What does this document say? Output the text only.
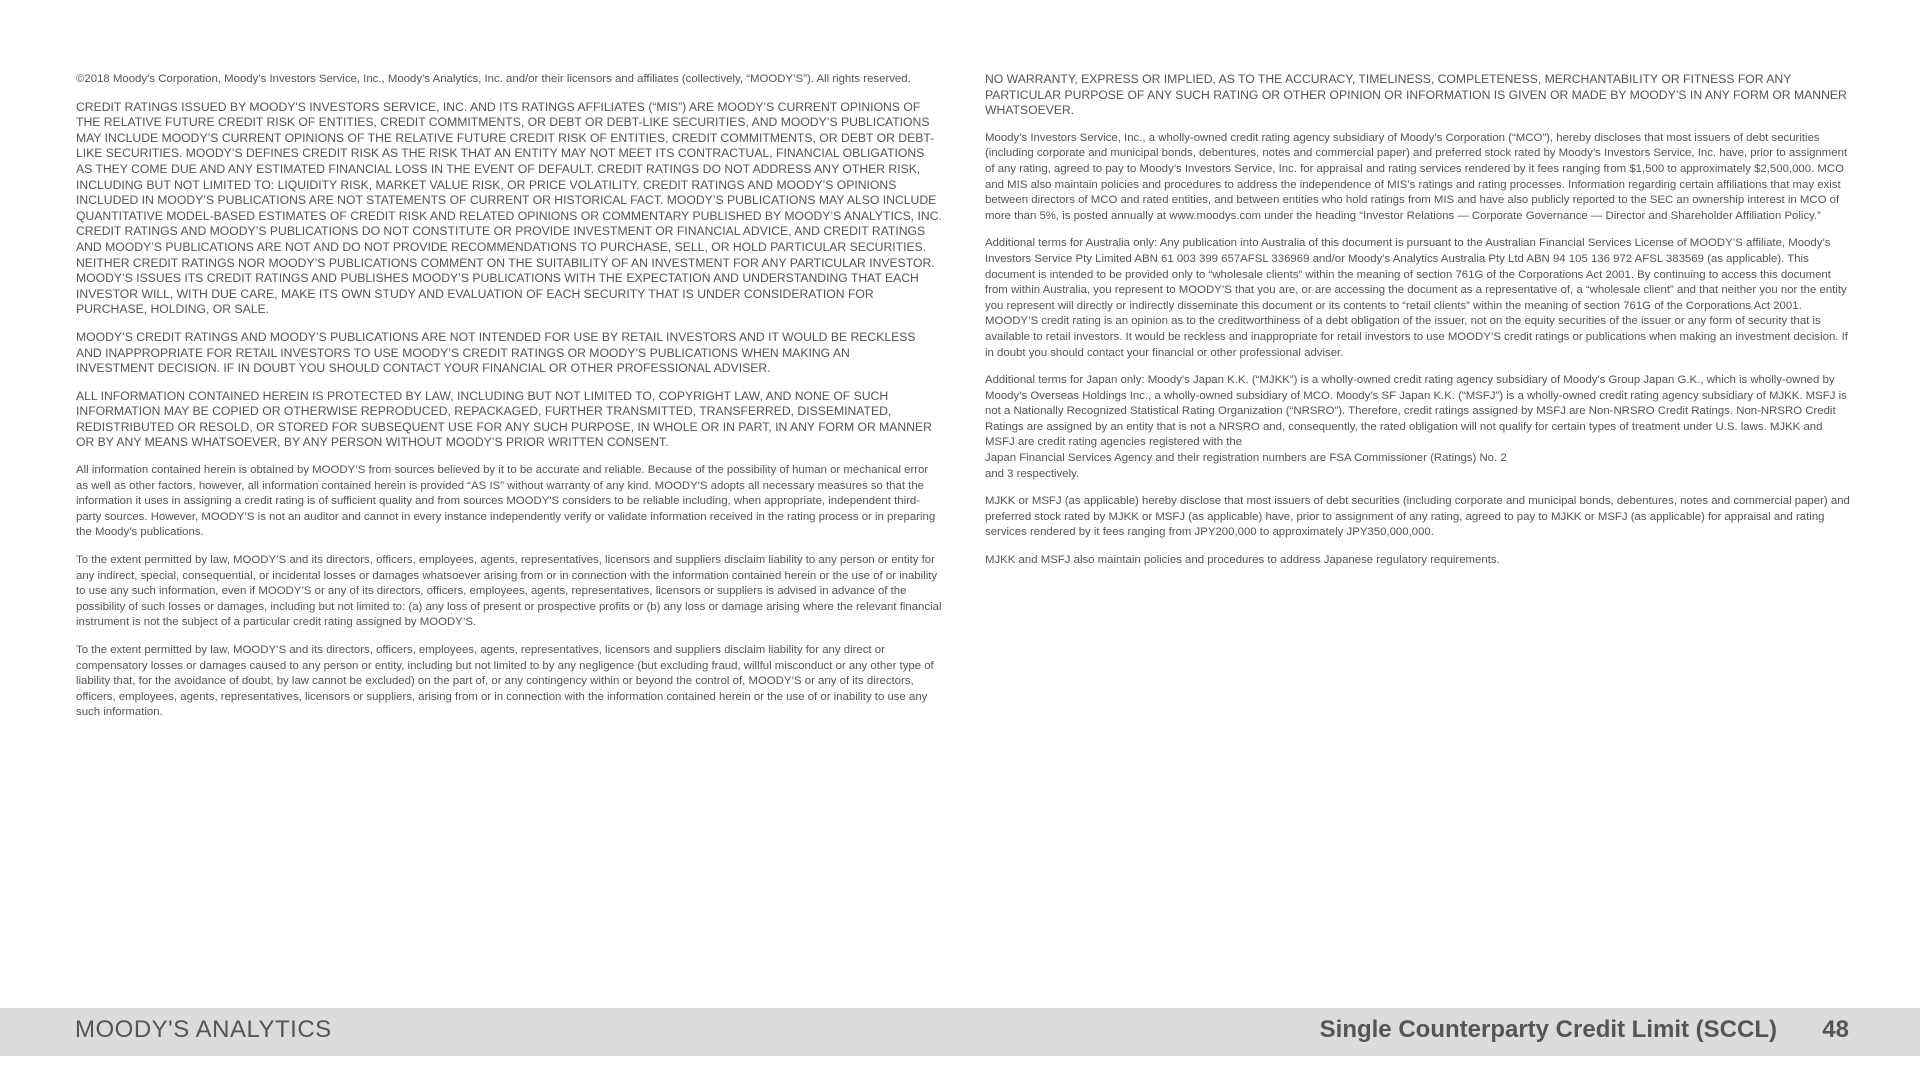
©2018 Moody’s Corporation, Moody’s Investors Service, Inc., Moody’s Analytics, Inc. and/or their licensors and affiliates (collectively, “MOODY’S”). All rights reserved.

CREDIT RATINGS ISSUED BY MOODY'S INVESTORS SERVICE, INC. AND ITS RATINGS AFFILIATES (“MIS”) ARE MOODY’S CURRENT OPINIONS OF THE RELATIVE FUTURE CREDIT RISK OF ENTITIES, CREDIT COMMITMENTS, OR DEBT OR DEBT-LIKE SECURITIES, AND MOODY’S PUBLICATIONS MAY INCLUDE MOODY’S CURRENT OPINIONS OF THE RELATIVE FUTURE CREDIT RISK OF ENTITIES, CREDIT COMMITMENTS, OR DEBT OR DEBT-LIKE SECURITIES. MOODY’S DEFINES CREDIT RISK AS THE RISK THAT AN ENTITY MAY NOT MEET ITS CONTRACTUAL, FINANCIAL OBLIGATIONS AS THEY COME DUE AND ANY ESTIMATED FINANCIAL LOSS IN THE EVENT OF DEFAULT. CREDIT RATINGS DO NOT ADDRESS ANY OTHER RISK, INCLUDING BUT NOT LIMITED TO: LIQUIDITY RISK, MARKET VALUE RISK, OR PRICE VOLATILITY. CREDIT RATINGS AND MOODY’S OPINIONS INCLUDED IN MOODY’S PUBLICATIONS ARE NOT STATEMENTS OF CURRENT OR HISTORICAL FACT. MOODY’S PUBLICATIONS MAY ALSO INCLUDE QUANTITATIVE MODEL-BASED ESTIMATES OF CREDIT RISK AND RELATED OPINIONS OR COMMENTARY PUBLISHED BY MOODY’S ANALYTICS, INC. CREDIT RATINGS AND MOODY’S PUBLICATIONS DO NOT CONSTITUTE OR PROVIDE INVESTMENT OR FINANCIAL ADVICE, AND CREDIT RATINGS AND MOODY’S PUBLICATIONS ARE NOT AND DO NOT PROVIDE RECOMMENDATIONS TO PURCHASE, SELL, OR HOLD PARTICULAR SECURITIES. NEITHER CREDIT RATINGS NOR MOODY’S PUBLICATIONS COMMENT ON THE SUITABILITY OF AN INVESTMENT FOR ANY PARTICULAR INVESTOR. MOODY’S ISSUES ITS CREDIT RATINGS AND PUBLISHES MOODY’S PUBLICATIONS WITH THE EXPECTATION AND UNDERSTANDING THAT EACH INVESTOR WILL, WITH DUE CARE, MAKE ITS OWN STUDY AND EVALUATION OF EACH SECURITY THAT IS UNDER CONSIDERATION FOR PURCHASE, HOLDING, OR SALE.

MOODY’S CREDIT RATINGS AND MOODY’S PUBLICATIONS ARE NOT INTENDED FOR USE BY RETAIL INVESTORS AND IT WOULD BE RECKLESS AND INAPPROPRIATE FOR RETAIL INVESTORS TO USE MOODY’S CREDIT RATINGS OR MOODY’S PUBLICATIONS WHEN MAKING AN
INVESTMENT DECISION. IF IN DOUBT YOU SHOULD CONTACT YOUR FINANCIAL OR OTHER PROFESSIONAL ADVISER.

ALL INFORMATION CONTAINED HEREIN IS PROTECTED BY LAW, INCLUDING BUT NOT LIMITED TO, COPYRIGHT LAW, AND NONE OF SUCH INFORMATION MAY BE COPIED OR OTHERWISE REPRODUCED, REPACKAGED, FURTHER TRANSMITTED, TRANSFERRED, DISSEMINATED, REDISTRIBUTED OR RESOLD, OR STORED FOR SUBSEQUENT USE FOR ANY SUCH PURPOSE, IN WHOLE OR IN PART, IN ANY FORM OR MANNER OR BY ANY MEANS WHATSOEVER, BY ANY PERSON WITHOUT MOODY’S PRIOR WRITTEN CONSENT.

All information contained herein is obtained by MOODY’S from sources believed by it to be accurate and reliable. Because of the possibility of human or mechanical error as well as other factors, however, all information contained herein is provided “AS IS” without warranty of any kind. MOODY'S adopts all necessary measures so that the information it uses in assigning a credit rating is of sufficient quality and from sources MOODY'S considers to be reliable including, when appropriate, independent third-party sources. However, MOODY’S is not an auditor and cannot in every instance independently verify or validate information received in the rating process or in preparing the Moody’s publications.

To the extent permitted by law, MOODY’S and its directors, officers, employees, agents, representatives, licensors and suppliers disclaim liability to any person or entity for any indirect, special, consequential, or incidental losses or damages whatsoever arising from or in connection with the information contained herein or the use of or inability to use any such information, even if MOODY’S or any of its directors, officers, employees, agents, representatives, licensors or suppliers is advised in advance of the possibility of such losses or damages, including but not limited to: (a) any loss of present or prospective profits or (b) any loss or damage arising where the relevant financial instrument is not the subject of a particular credit rating assigned by MOODY’S.

To the extent permitted by law, MOODY’S and its directors, officers, employees, agents, representatives, licensors and suppliers disclaim liability for any direct or compensatory losses or damages caused to any person or entity, including but not limited to by any negligence (but excluding fraud, willful misconduct or any other type of liability that, for the avoidance of doubt, by law cannot be excluded) on the part of, or any contingency within or beyond the control of, MOODY’S or any of its directors, officers, employees, agents, representatives, licensors or suppliers, arising from or in connection with the information contained herein or the use of or inability to use any such information.

NO WARRANTY, EXPRESS OR IMPLIED, AS TO THE ACCURACY, TIMELINESS, COMPLETENESS, MERCHANTABILITY OR FITNESS FOR ANY PARTICULAR PURPOSE OF ANY SUCH RATING OR OTHER OPINION OR INFORMATION IS GIVEN OR MADE BY MOODY’S IN ANY FORM OR MANNER WHATSOEVER.

Moody’s Investors Service, Inc., a wholly-owned credit rating agency subsidiary of Moody’s Corporation (“MCO”), hereby discloses that most issuers of debt securities (including corporate and municipal bonds, debentures, notes and commercial paper) and preferred stock rated by Moody’s Investors Service, Inc. have, prior to assignment of any rating, agreed to pay to Moody’s Investors Service, Inc. for appraisal and rating services rendered by it fees ranging from $1,500 to approximately $2,500,000. MCO and MIS also maintain policies and procedures to address the independence of MIS’s ratings and rating processes. Information regarding certain affiliations that may exist between directors of MCO and rated entities, and between entities who hold ratings from MIS and have also publicly reported to the SEC an ownership interest in MCO of more than 5%, is posted annually at www.moodys.com under the heading “Investor Relations — Corporate Governance — Director and Shareholder Affiliation Policy.”

Additional terms for Australia only: Any publication into Australia of this document is pursuant to the Australian Financial Services License of MOODY’S affiliate, Moody’s Investors Service Pty Limited ABN 61 003 399 657AFSL 336969 and/or Moody’s Analytics Australia Pty Ltd ABN 94 105 136 972 AFSL 383569 (as applicable). This document is intended to be provided only to “wholesale clients” within the meaning of section 761G of the Corporations Act 2001. By continuing to access this document from within Australia, you represent to MOODY’S that you are, or are accessing the document as a representative of, a “wholesale client” and that neither you nor the entity you represent will directly or indirectly disseminate this document or its contents to “retail clients” within the meaning of section 761G of the Corporations Act 2001. MOODY’S credit rating is an opinion as to the creditworthiness of a debt obligation of the issuer, not on the equity securities of the issuer or any form of security that is available to retail investors. It would be reckless and inappropriate for retail investors to use MOODY’S credit ratings or publications when making an investment decision. If in doubt you should contact your financial or other professional adviser.

Additional terms for Japan only: Moody's Japan K.K. (“MJKK”) is a wholly-owned credit rating agency subsidiary of Moody's Group Japan G.K., which is wholly-owned by Moody’s Overseas Holdings Inc., a wholly-owned subsidiary of MCO. Moody’s SF Japan K.K. (“MSFJ”) is a wholly-owned credit rating agency subsidiary of MJKK. MSFJ is not a Nationally Recognized Statistical Rating Organization (“NRSRO”). Therefore, credit ratings assigned by MSFJ are Non-NRSRO Credit Ratings. Non-NRSRO Credit Ratings are assigned by an entity that is not a NRSRO and, consequently, the rated obligation will not qualify for certain types of treatment under U.S. laws. MJKK and MSFJ are credit rating agencies registered with the
Japan Financial Services Agency and their registration numbers are FSA Commissioner (Ratings) No. 2
and 3 respectively.

MJKK or MSFJ (as applicable) hereby disclose that most issuers of debt securities (including corporate and municipal bonds, debentures, notes and commercial paper) and preferred stock rated by MJKK or MSFJ (as applicable) have, prior to assignment of any rating, agreed to pay to MJKK or MSFJ (as applicable) for appraisal and rating services rendered by it fees ranging from JPY200,000 to approximately JPY350,000,000.

MJKK and MSFJ also maintain policies and procedures to address Japanese regulatory requirements.

MOODY'S ANALYTICS	Single Counterparty Credit Limit (SCCL) 48
